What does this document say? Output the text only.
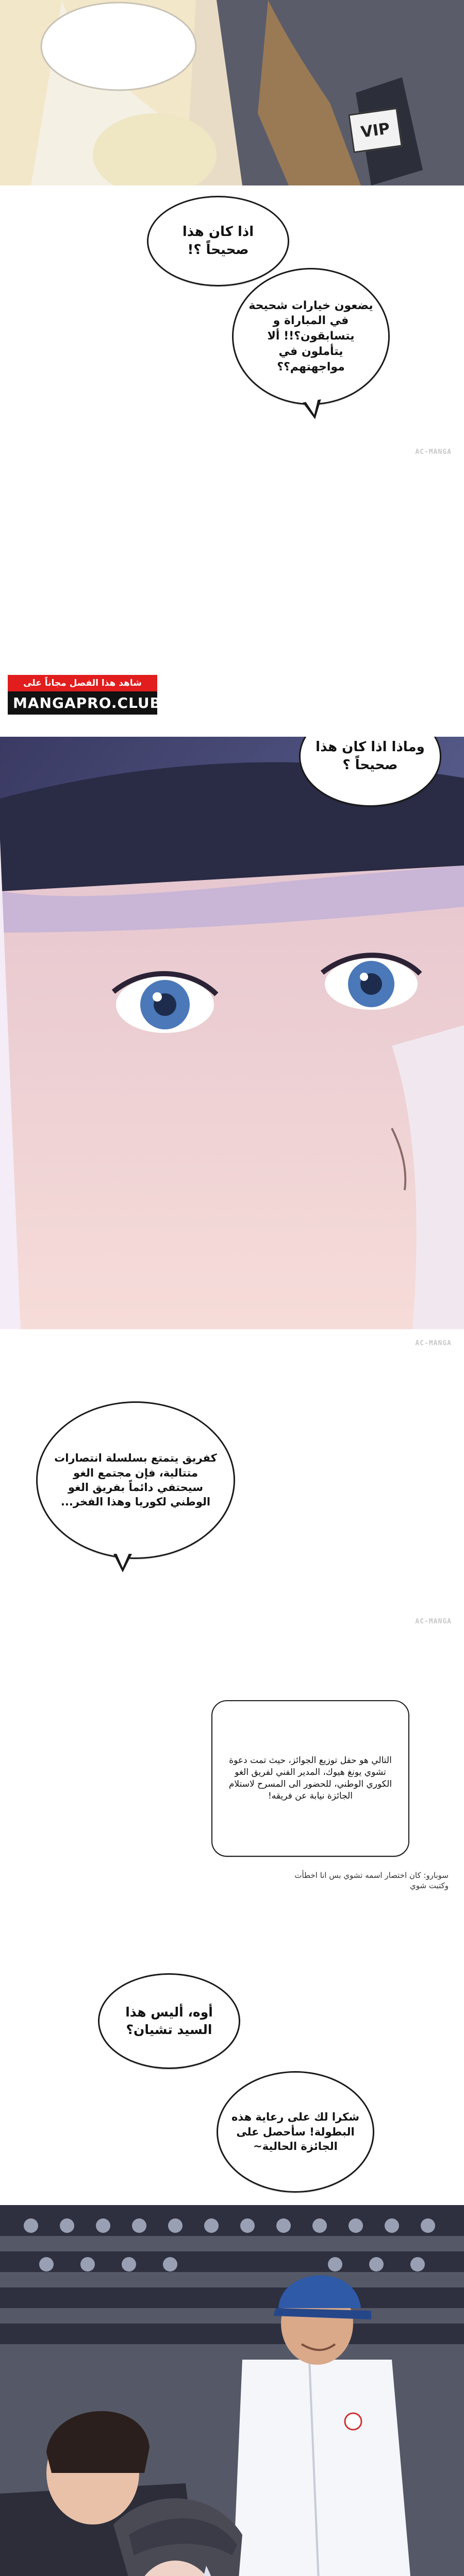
VIP
اذا كان هذا صحيحاً ؟!
يضعون خيارات شحيحة في المباراة و يتسابقون؟!! ألا يتأملون في مواجهتهم؟؟
AC-MANGA
شاهد هذا الفصل مجاناً على
MANGAPRO.CLUB
وماذا اذا كان هذا صحيحاً ؟
AC-MANGA
كفريق يتمتع بسلسلة انتصارات متتالية، فإن مجتمع الغو سيحتفي دائماً بفريق الغو الوطني لكوريا وهذا الفخر...
AC-MANGA
التالي هو حفل توزيع الجوائز، حيث تمت دعوة تشوي يونغ هيوك، المدير الفني لفريق الغو الكوري الوطني، للحضور الى المسرح لاستلام الجائزة نيابة عن فريقه!
سوبارو: كان اختصار اسمه تشوي بس انا اخطأت وكتبت شوي
أوه، أليس هذا السيد تشيان؟
شكرا لك على رعاية هذه البطولة! سأحصل على الجائزة الحالية~
